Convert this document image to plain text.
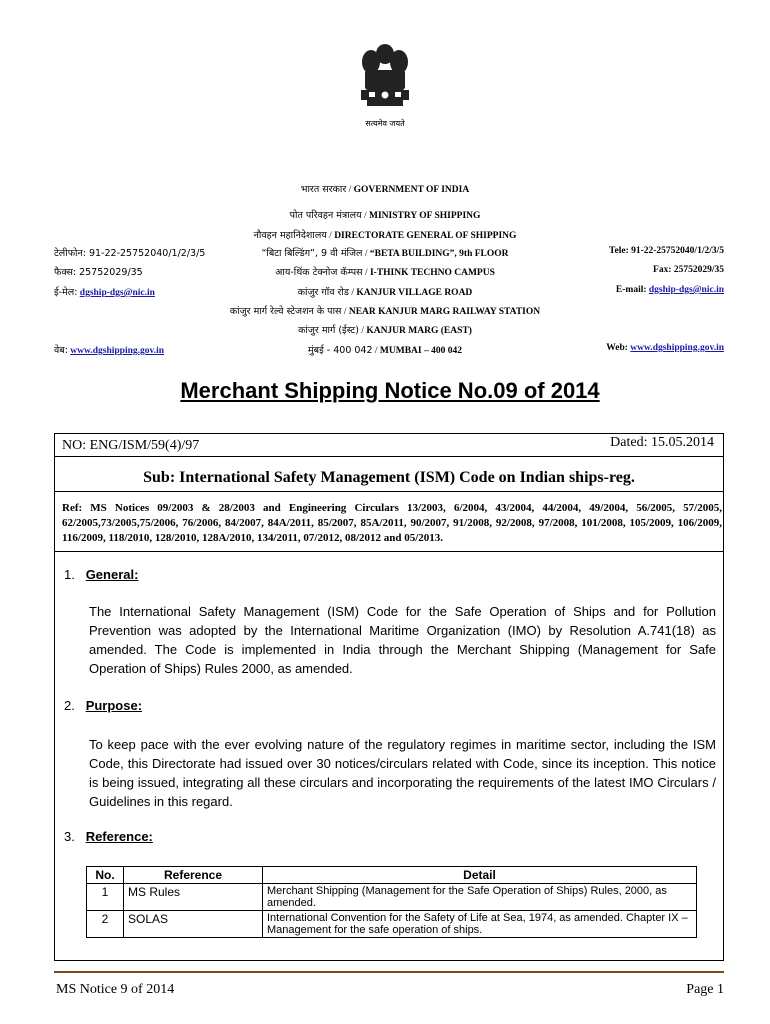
सत्यमेव जयते
भारत सरकार / GOVERNMENT OF INDIA
पोत परिवहन मंत्रालय / MINISTRY OF SHIPPING
नौवहन महानिदेशालय / DIRECTORATE GENERAL OF SHIPPING
“बिटा बिल्डिंग”, 9 वी मंजिल / “BETA BUILDING”, 9th FLOOR
आय-थिंक टेक्नोज कॅम्पस / I-THINK TECHNO CAMPUS
कांजुर गॉव रोड / KANJUR VILLAGE ROAD
कांजुर मार्ग रेल्वे स्टेजशन के पास / NEAR KANJUR MARG RAILWAY STATION
कांजुर मार्ग (ईस्ट) / KANJUR MARG (EAST)
मुंबई - 400 042 / MUMBAI – 400 042
टेलीफोन: 91-22-25752040/1/2/3/5
फैक्स: 25752029/35
ई-मेल: dgship-dgs@nic.in
वेब: www.dgshipping.gov.in
Tele: 91-22-25752040/1/2/3/5
Fax: 25752029/35
E-mail: dgship-dgs@nic.in
Web: www.dgshipping.gov.in
Merchant Shipping Notice No.09 of 2014
NO: ENG/ISM/59(4)/97	Dated: 15.05.2014
Sub: International Safety Management (ISM) Code on Indian ships-reg.
Ref: MS Notices 09/2003 & 28/2003 and Engineering Circulars 13/2003, 6/2004, 43/2004, 44/2004, 49/2004, 56/2005, 57/2005, 62/2005,73/2005,75/2006, 76/2006, 84/2007, 84A/2011, 85/2007, 85A/2011, 90/2007, 91/2008, 92/2008, 97/2008, 101/2008, 105/2009, 106/2009, 116/2009, 118/2010, 128/2010, 128A/2010, 134/2011, 07/2012, 08/2012 and 05/2013.
1. General:
The International Safety Management (ISM) Code for the Safe Operation of Ships and for Pollution Prevention was adopted by the International Maritime Organization (IMO) by Resolution A.741(18) as amended. The Code is implemented in India through the Merchant Shipping (Management for Safe Operation of Ships) Rules 2000, as amended.
2. Purpose:
To keep pace with the ever evolving nature of the regulatory regimes in maritime sector, including the ISM Code, this Directorate had issued over 30 notices/circulars related with Code, since its inception. This notice is being issued, integrating all these circulars and incorporating the requirements of the latest IMO Circulars / Guidelines in this regard.
3. Reference:
No.	Reference	Detail
1	MS Rules	Merchant Shipping (Management for the Safe Operation of Ships) Rules, 2000, as amended.
2	SOLAS	International Convention for the Safety of Life at Sea, 1974, as amended. Chapter IX – Management for the safe operation of ships.
MS Notice 9 of 2014	Page 1
